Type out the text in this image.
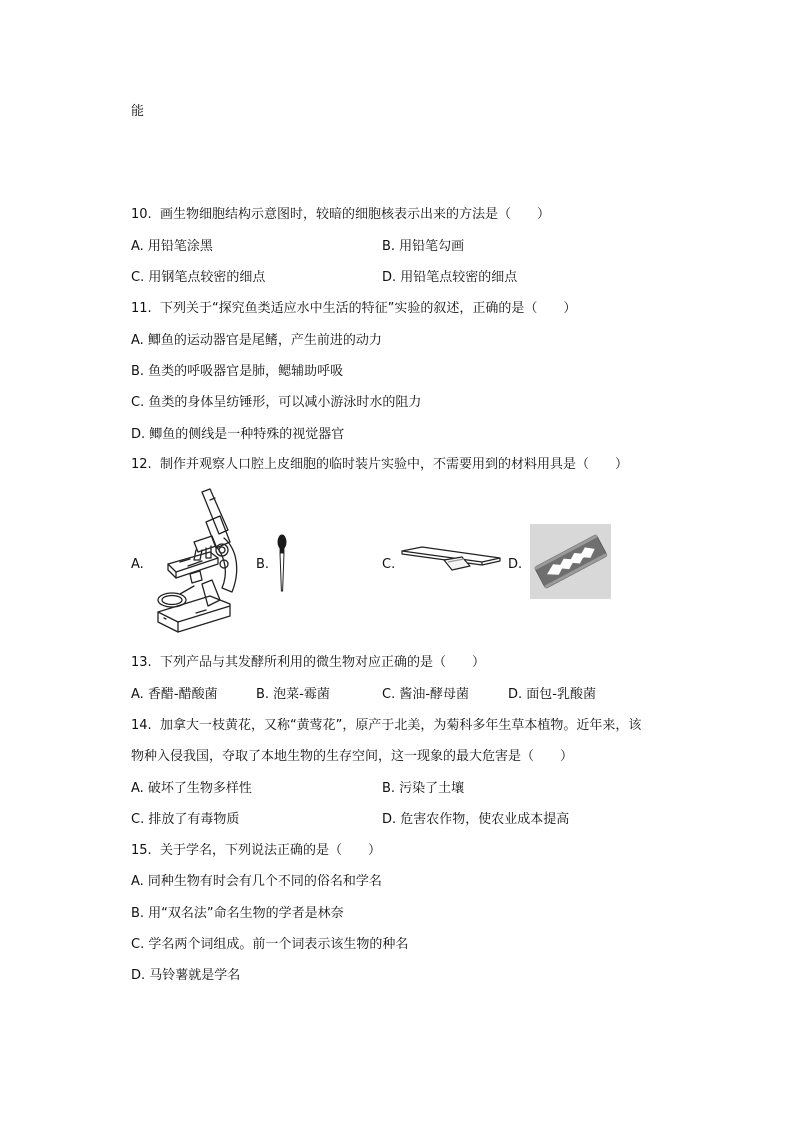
能
10.  画生物细胞结构示意图时，较暗的细胞核表示出来的方法是（　　）
A. 用铅笔涂黑	B. 用铅笔勾画
C. 用钢笔点较密的细点	D. 用铅笔点较密的细点
11.  下列关于“探究鱼类适应水中生活的特征”实验的叙述，正确的是（　　）
A. 鲫鱼的运动器官是尾鳍，产生前进的动力
B. 鱼类的呼吸器官是肺，鳃辅助呼吸
C. 鱼类的身体呈纺锤形，可以减小游泳时水的阻力
D. 鲫鱼的侧线是一种特殊的视觉器官
12.  制作并观察人口腔上皮细胞的临时装片实验中，不需要用到的材料用具是（　　）
A.	B.	C.	D.
13.  下列产品与其发酵所利用的微生物对应正确的是（　　）
A. 香醋-醋酸菌	B. 泡菜-霉菌	C. 酱油-酵母菌	D. 面包-乳酸菌
14.  加拿大一枝黄花，又称“黄莺花”，原产于北美，为菊科多年生草本植物。近年来，该
物种入侵我国，夺取了本地生物的生存空间，这一现象的最大危害是（　　）
A. 破坏了生物多样性	B. 污染了土壤
C. 排放了有毒物质	D. 危害农作物，使农业成本提高
15.  关于学名，下列说法正确的是（　　）
A. 同种生物有时会有几个不同的俗名和学名
B. 用“双名法”命名生物的学者是林奈
C. 学名两个词组成。前一个词表示该生物的种名
D. 马铃薯就是学名
